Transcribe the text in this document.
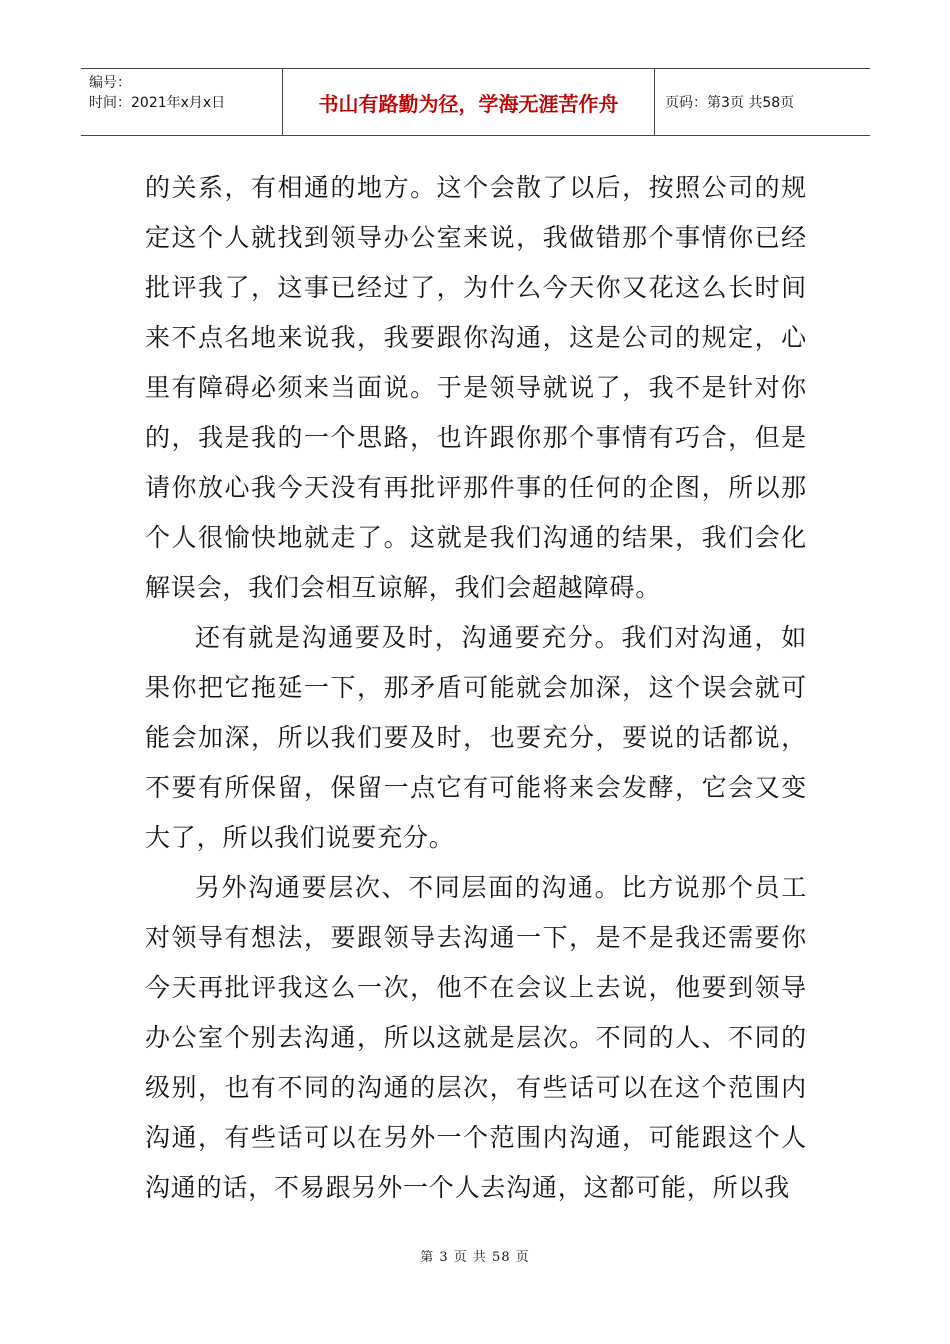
编号：
时间：2021年x月x日	书山有路勤为径，学海无涯苦作舟	页码：第3页 共58页

的关系，有相通的地方。这个会散了以后，按照公司的规定这个人就找到领导办公室来说，我做错那个事情你已经批评我了，这事已经过了，为什么今天你又花这么长时间来不点名地来说我，我要跟你沟通，这是公司的规定，心里有障碍必须来当面说。于是领导就说了，我不是针对你的，我是我的一个思路，也许跟你那个事情有巧合，但是请你放心我今天没有再批评那件事的任何的企图，所以那个人很愉快地就走了。这就是我们沟通的结果，我们会化解误会，我们会相互谅解，我们会超越障碍。

还有就是沟通要及时，沟通要充分。我们对沟通，如果你把它拖延一下，那矛盾可能就会加深，这个误会就可能会加深，所以我们要及时，也要充分，要说的话都说，不要有所保留，保留一点它有可能将来会发酵，它会又变大了，所以我们说要充分。

另外沟通要层次、不同层面的沟通。比方说那个员工对领导有想法，要跟领导去沟通一下，是不是我还需要你今天再批评我这么一次，他不在会议上去说，他要到领导办公室个别去沟通，所以这就是层次。不同的人、不同的级别，也有不同的沟通的层次，有些话可以在这个范围内沟通，有些话可以在另外一个范围内沟通，可能跟这个人沟通的话，不易跟另外一个人去沟通，这都可能，所以我

第 3 页 共 58 页
